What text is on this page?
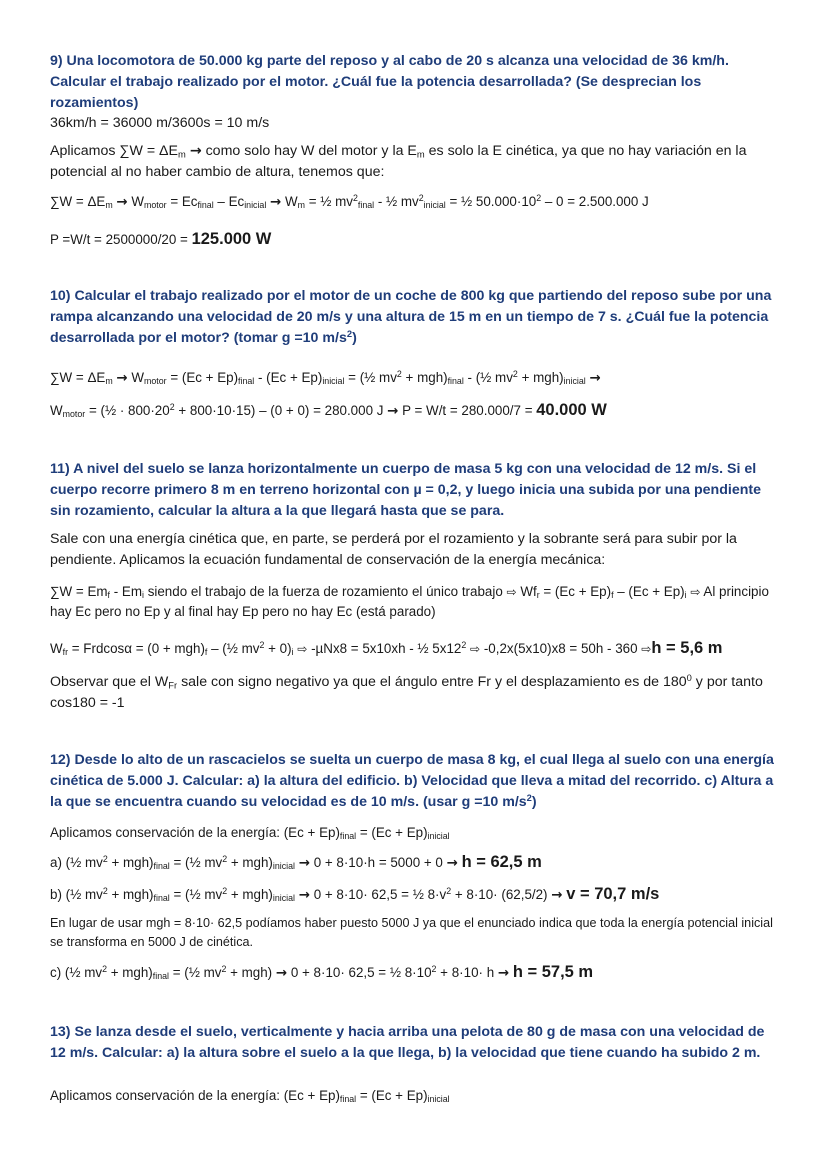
9) Una locomotora de 50.000 kg parte del reposo y al cabo de 20 s alcanza una velocidad de 36 km/h. Calcular el trabajo realizado por el motor. ¿Cuál fue la potencia desarrollada? (Se desprecian los rozamientos)

36km/h = 36000 m/3600s = 10 m/s

Aplicamos $\sum W = \Delta E_m$ → como solo hay W del motor y la $E_m$ es solo la E cinética, ya que no hay variación en la potencial al no haber cambio de altura, tenemos que:

$\sum W = \Delta E_m \to W_{motor} = Ec_{final} - Ec_{inicial} \to W_m$ = ½ $mv^2_{final}$ - ½ $mv^2_{inicial}$ = ½ $50.000\cdot 10^2 - 0 = 2.500.000$ J

P =W/t = 2500000/20 = 125.000 W

10) Calcular el trabajo realizado por el motor de un coche de 800 kg que partiendo del reposo sube por una rampa alcanzando una velocidad de 20 m/s y una altura de 15 m en un tiempo de 7 s. ¿Cuál fue la potencia desarrollada por el motor? (tomar g =10 $m/s^2$)

$\sum W = \Delta E_m \to W_{motor} = (Ec + Ep)_{final} - (Ec + Ep)_{inicial}$ = (½ $mv^2 + mgh)_{final}$ - (½ $mv^2 + mgh)_{inicial}$ →

$W_{motor}$ = (½ · $800\cdot 20^2 + 800\cdot 10\cdot 15) - (0 + 0) = 280.000$ J → P = W/t = 280.000/7 = 40.000 W

11) A nivel del suelo se lanza horizontalmente un cuerpo de masa 5 kg con una velocidad de 12 m/s. Si el cuerpo recorre primero 8 m en terreno horizontal con µ = 0,2, y luego inicia una subida por una pendiente sin rozamiento, calcular la altura a la que llegará hasta que se para.

Sale con una energía cinética que, en parte, se perderá por el rozamiento y la sobrante será para subir por la pendiente. Aplicamos la ecuación fundamental de conservación de la energía mecánica:

$\sum W = Em_f - Em_i$ siendo el trabajo de la fuerza de rozamiento el único trabajo ⇨ $Wf_r = (Ec + Ep)_f - (Ec + Ep)_i$ ⇨ Al principio hay Ec pero no Ep y al final hay Ep pero no hay Ec (está parado)

$W_{fr} = Frdcos\alpha = (0 + mgh)_f$ – (½ $mv^2 + 0)_i$ ⇨ -µNx8 = 5x10xh - ½ $5x12^2$ ⇨ -0,2x(5x10)x8 = 50h - 360 ⇨h = 5,6 m

Observar que el $W_{Fr}$ sale con signo negativo ya que el ángulo entre Fr y el desplazamiento es de $180^0$ y por tanto cos180 = -1

12) Desde lo alto de un rascacielos se suelta un cuerpo de masa 8 kg, el cual llega al suelo con una energía cinética de 5.000 J. Calcular: a) la altura del edificio. b) Velocidad que lleva a mitad del recorrido. c) Altura a la que se encuentra cuando su velocidad es de 10 m/s. (usar g =10 $m/s^2$)

Aplicamos conservación de la energía: $(Ec + Ep)_{final} = (Ec + Ep)_{inicial}$

a) (½ $mv^2 + mgh)_{final}$ = (½ $mv^2 + mgh)_{inicial} \to 0 + 8\cdot 10\cdot h = 5000 + 0 \to h = 62,5$ m

b) (½ $mv^2 + mgh)_{final}$ = (½ $mv^2 + mgh)_{inicial} \to 0 + 8\cdot 10\cdot 62,5$ = ½ $8\cdot v^2 + 8\cdot 10\cdot (62,5/2) \to v = 70,7$ m/s

En lugar de usar mgh = 8·10· 62,5 podíamos haber puesto 5000 J ya que el enunciado indica que toda la energía potencial inicial se transforma en 5000 J de cinética.

c) (½ $mv^2 + mgh)_{final}$ = (½ $mv^2 + mgh) \to 0 + 8\cdot 10\cdot 62,5$ = ½ $8\cdot 10^2 + 8\cdot 10\cdot h \to h = 57,5$ m

13) Se lanza desde el suelo, verticalmente y hacia arriba una pelota de 80 g de masa con una velocidad de 12 m/s. Calcular: a) la altura sobre el suelo a la que llega, b) la velocidad que tiene cuando ha subido 2 m.

Aplicamos conservación de la energía: $(Ec + Ep)_{final} = (Ec + Ep)_{inicial}$
